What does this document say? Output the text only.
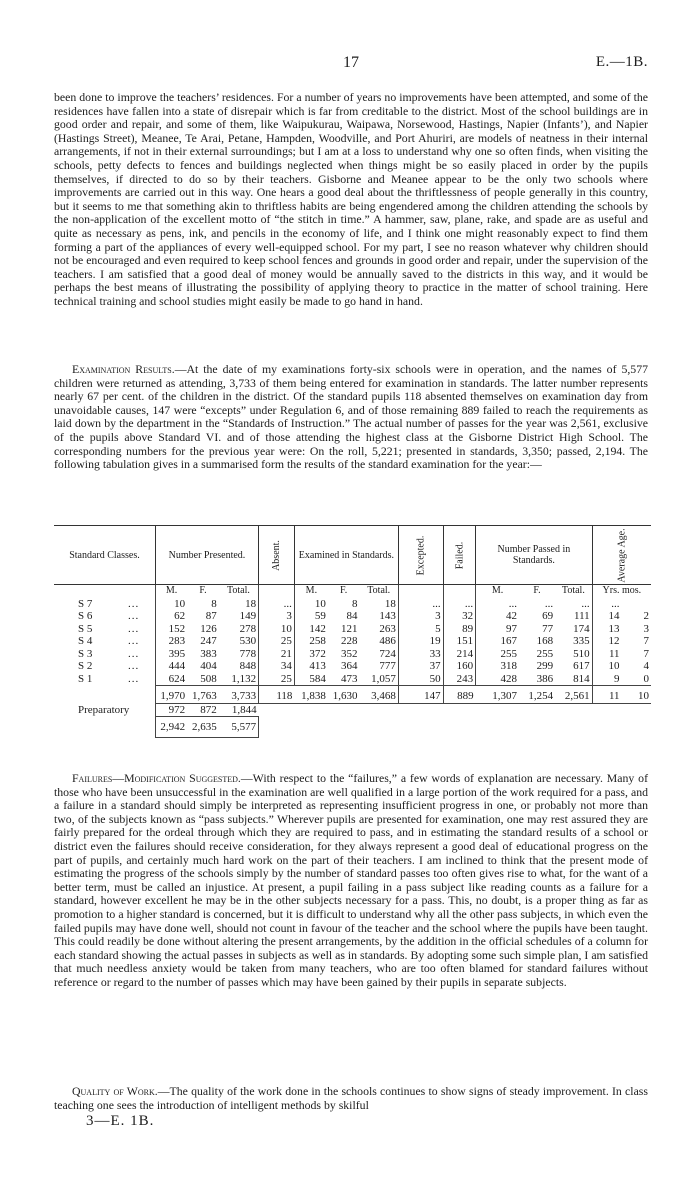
17	E.—1B.

been done to improve the teachers’ residences. For a number of years no improvements have been attempted, and some of the residences have fallen into a state of disrepair which is far from creditable to the district. Most of the school buildings are in good order and repair, and some of them, like Waipukurau, Waipawa, Norsewood, Hastings, Napier (Infants’), and Napier (Hastings Street), Meanee, Te Arai, Petane, Hampden, Woodville, and Port Ahuriri, are models of neatness in their internal arrangements, if not in their external surroundings; but I am at a loss to understand why one so often finds, when visiting the schools, petty defects to fences and buildings neglected when things might be so easily placed in order by the pupils themselves, if directed to do so by their teachers. Gisborne and Meanee appear to be the only two schools where improvements are carried out in this way. One hears a good deal about the thriftlessness of people generally in this country, but it seems to me that something akin to thriftless habits are being engendered among the children attending the schools by the non-application of the excellent motto of “the stitch in time.” A hammer, saw, plane, rake, and spade are as useful and quite as necessary as pens, ink, and pencils in the economy of life, and I think one might reasonably expect to find them forming a part of the appliances of every well-equipped school. For my part, I see no reason whatever why children should not be encouraged and even required to keep school fences and grounds in good order and repair, under the supervision of the teachers. I am satisfied that a good deal of money would be annually saved to the districts in this way, and it would be perhaps the best means of illustrating the possibility of applying theory to practice in the matter of school training. Here technical training and school studies might easily be made to go hand in hand.

Examination Results.—At the date of my examinations forty-six schools were in operation, and the names of 5,577 children were returned as attending, 3,733 of them being entered for examination in standards. The latter number represents nearly 67 per cent. of the children in the district. Of the standard pupils 118 absented themselves on examination day from unavoidable causes, 147 were “excepts” under Regulation 6, and of those remaining 889 failed to reach the requirements as laid down by the department in the “Standards of Instruction.” The actual number of passes for the year was 2,561, exclusive of the pupils above Standard VI. and of those attending the highest class at the Gisborne District High School. The corresponding numbers for the previous year were: On the roll, 5,221; presented in standards, 3,350; passed, 2,194. The following tabulation gives in a summarised form the results of the standard examination for the year:—

Standard Classes.	Number Presented.			Absent.	Examined in Standards.			Excepted.	Failed.	Number Passed in Standards.			Average Age.	
	M.	F.	Total.		M.	F.	Total.			M.	F.	Total.	Yrs. mos.	
S 7 ...	10	8	18	...	10	8	18	...	...	...	...	...	...	
S 6 ...	62	87	149	3	59	84	143	3	32	42	69	111	14	2
S 5 ...	152	126	278	10	142	121	263	5	89	97	77	174	13	3
S 4 ...	283	247	530	25	258	228	486	19	151	167	168	335	12	7
S 3 ...	395	383	778	21	372	352	724	33	214	255	255	510	11	7
S 2 ...	444	404	848	34	413	364	777	37	160	318	299	617	10	4
S 1 ...	624	508	1,132	25	584	473	1,057	50	243	428	386	814	9	0
	1,970	1,763	3,733	118	1,838	1,630	3,468	147	889	1,307	1,254	2,561	11	10
Preparatory	972	872	1,844											
	2,942	2,635	5,577											

Failures—Modification Suggested.—With respect to the “failures,” a few words of explanation are necessary. Many of those who have been unsuccessful in the examination are well qualified in a large portion of the work required for a pass, and a failure in a standard should simply be interpreted as representing insufficient progress in one, or probably not more than two, of the subjects known as “pass subjects.” Wherever pupils are presented for examination, one may rest assured they are fairly prepared for the ordeal through which they are required to pass, and in estimating the standard results of a school or district even the failures should receive consideration, for they always represent a good deal of educational progress on the part of pupils, and certainly much hard work on the part of their teachers. I am inclined to think that the present mode of estimating the progress of the schools simply by the number of standard passes too often gives rise to what, for the want of a better term, must be called an injustice. At present, a pupil failing in a pass subject like reading counts as a failure for a standard, however excellent he may be in the other subjects necessary for a pass. This, no doubt, is a proper thing as far as promotion to a higher standard is concerned, but it is difficult to understand why all the other pass subjects, in which even the failed pupils may have done well, should not count in favour of the teacher and the school where the pupils have been taught. This could readily be done without altering the present arrangements, by the addition in the official schedules of a column for each standard showing the actual passes in subjects as well as in standards. By adopting some such simple plan, I am satisfied that much needless anxiety would be taken from many teachers, who are too often blamed for standard failures without reference or regard to the number of passes which may have been gained by their pupils in separate subjects.

Quality of Work.—The quality of the work done in the schools continues to show signs of steady improvement. In class teaching one sees the introduction of intelligent methods by skilful

3—E. 1B.
